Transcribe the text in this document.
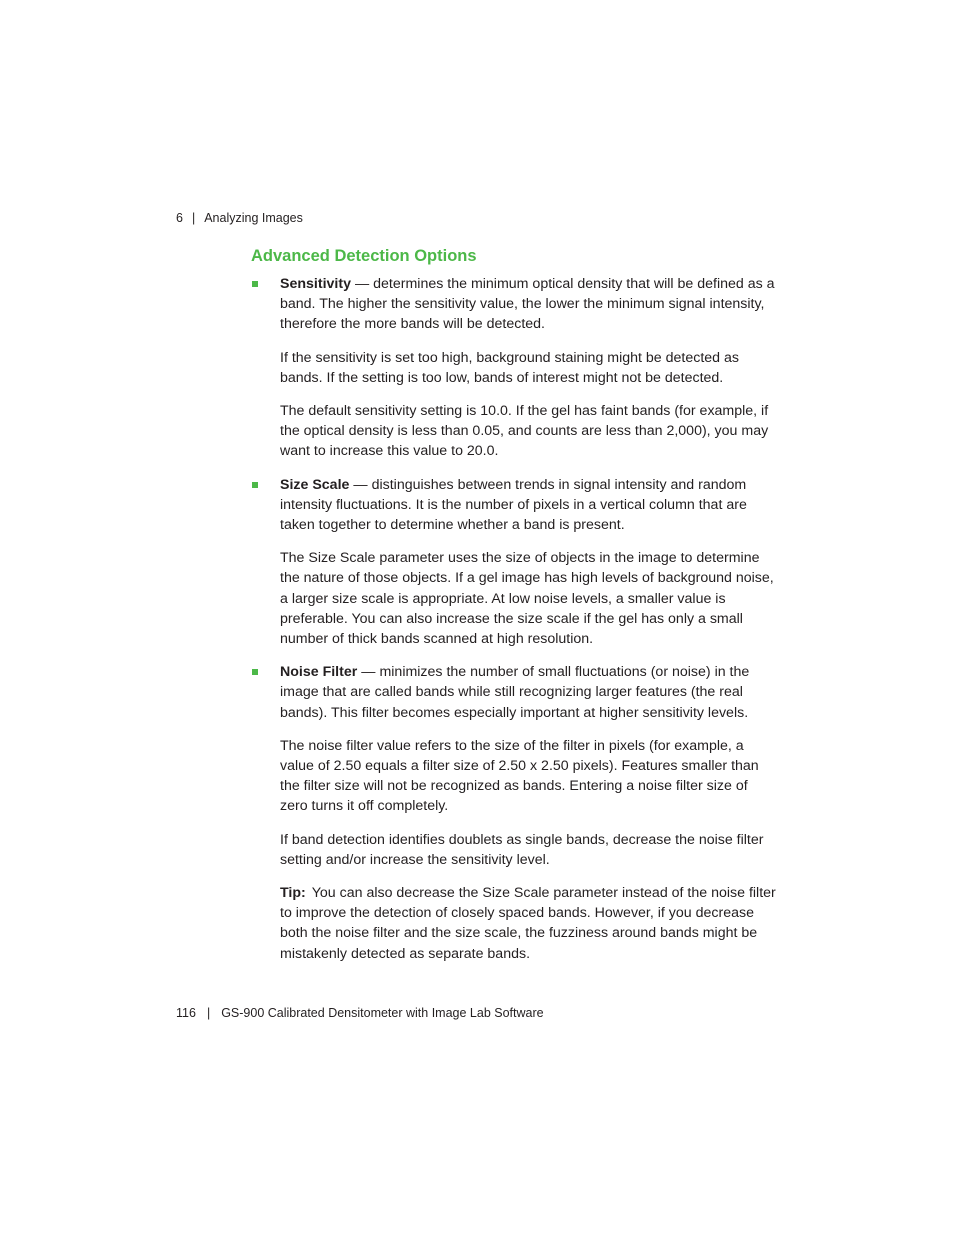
6 | Analyzing Images
Advanced Detection Options

Sensitivity — determines the minimum optical density that will be defined as a band. The higher the sensitivity value, the lower the minimum signal intensity, therefore the more bands will be detected.

If the sensitivity is set too high, background staining might be detected as bands. If the setting is too low, bands of interest might not be detected.

The default sensitivity setting is 10.0. If the gel has faint bands (for example, if the optical density is less than 0.05, and counts are less than 2,000), you may want to increase this value to 20.0.

Size Scale — distinguishes between trends in signal intensity and random intensity fluctuations. It is the number of pixels in a vertical column that are taken together to determine whether a band is present.

The Size Scale parameter uses the size of objects in the image to determine the nature of those objects. If a gel image has high levels of background noise, a larger size scale is appropriate. At low noise levels, a smaller value is preferable. You can also increase the size scale if the gel has only a small number of thick bands scanned at high resolution.

Noise Filter — minimizes the number of small fluctuations (or noise) in the image that are called bands while still recognizing larger features (the real bands). This filter becomes especially important at higher sensitivity levels.

The noise filter value refers to the size of the filter in pixels (for example, a value of 2.50 equals a filter size of 2.50 x 2.50 pixels). Features smaller than the filter size will not be recognized as bands. Entering a noise filter size of zero turns it off completely.

If band detection identifies doublets as single bands, decrease the noise filter setting and/or increase the sensitivity level.

Tip: You can also decrease the Size Scale parameter instead of the noise filter to improve the detection of closely spaced bands. However, if you decrease both the noise filter and the size scale, the fuzziness around bands might be mistakenly detected as separate bands.

116 | GS-900 Calibrated Densitometer with Image Lab Software
